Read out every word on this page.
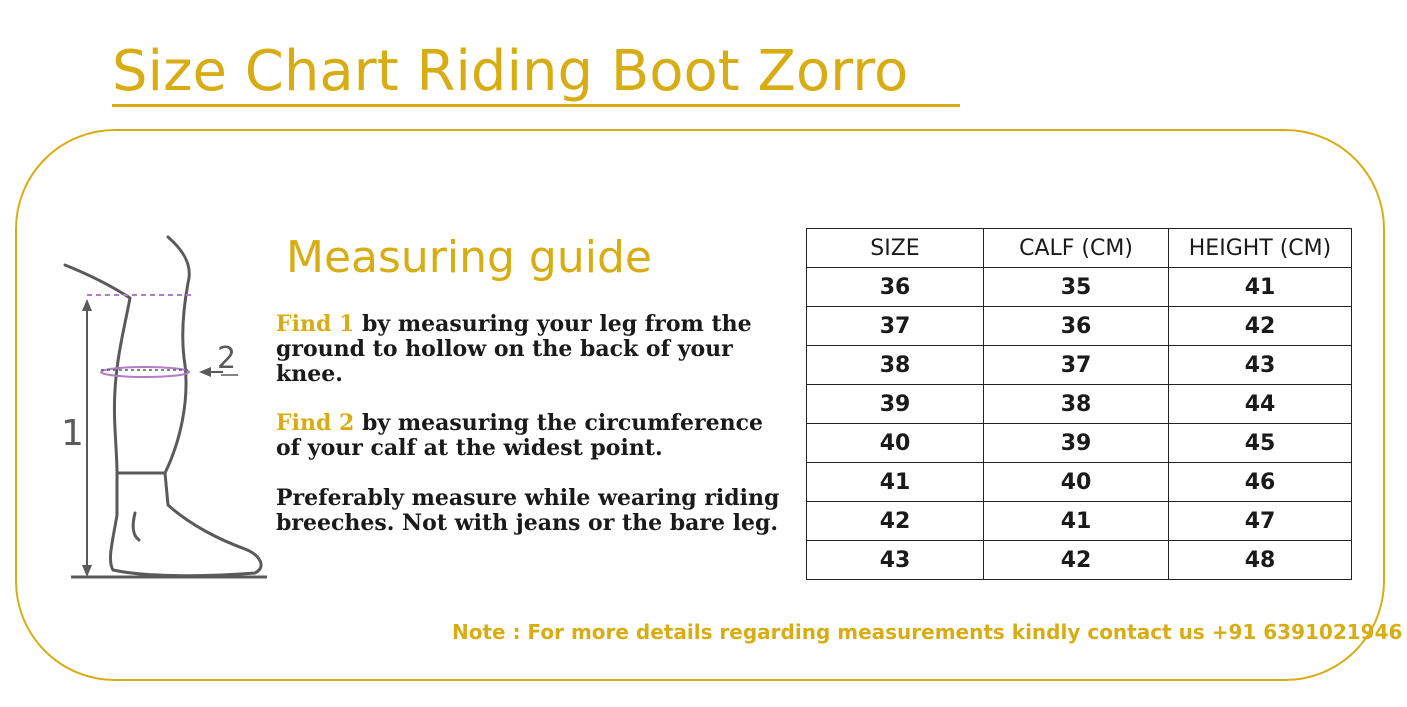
Size Chart Riding Boot Zorro
1
2
Measuring guide

Find 1 by measuring your leg from the ground to hollow on the back of your knee.

Find 2 by measuring the circumference of your calf at the widest point.

Preferably measure while wearing riding breeches. Not with jeans or the bare leg.

SIZE	CALF (CM)	HEIGHT (CM)
36	35	41
37	36	42
38	37	43
39	38	44
40	39	45
41	40	46
42	41	47
43	42	48
Note : For more details regarding measurements kindly contact us +91 6391021946
